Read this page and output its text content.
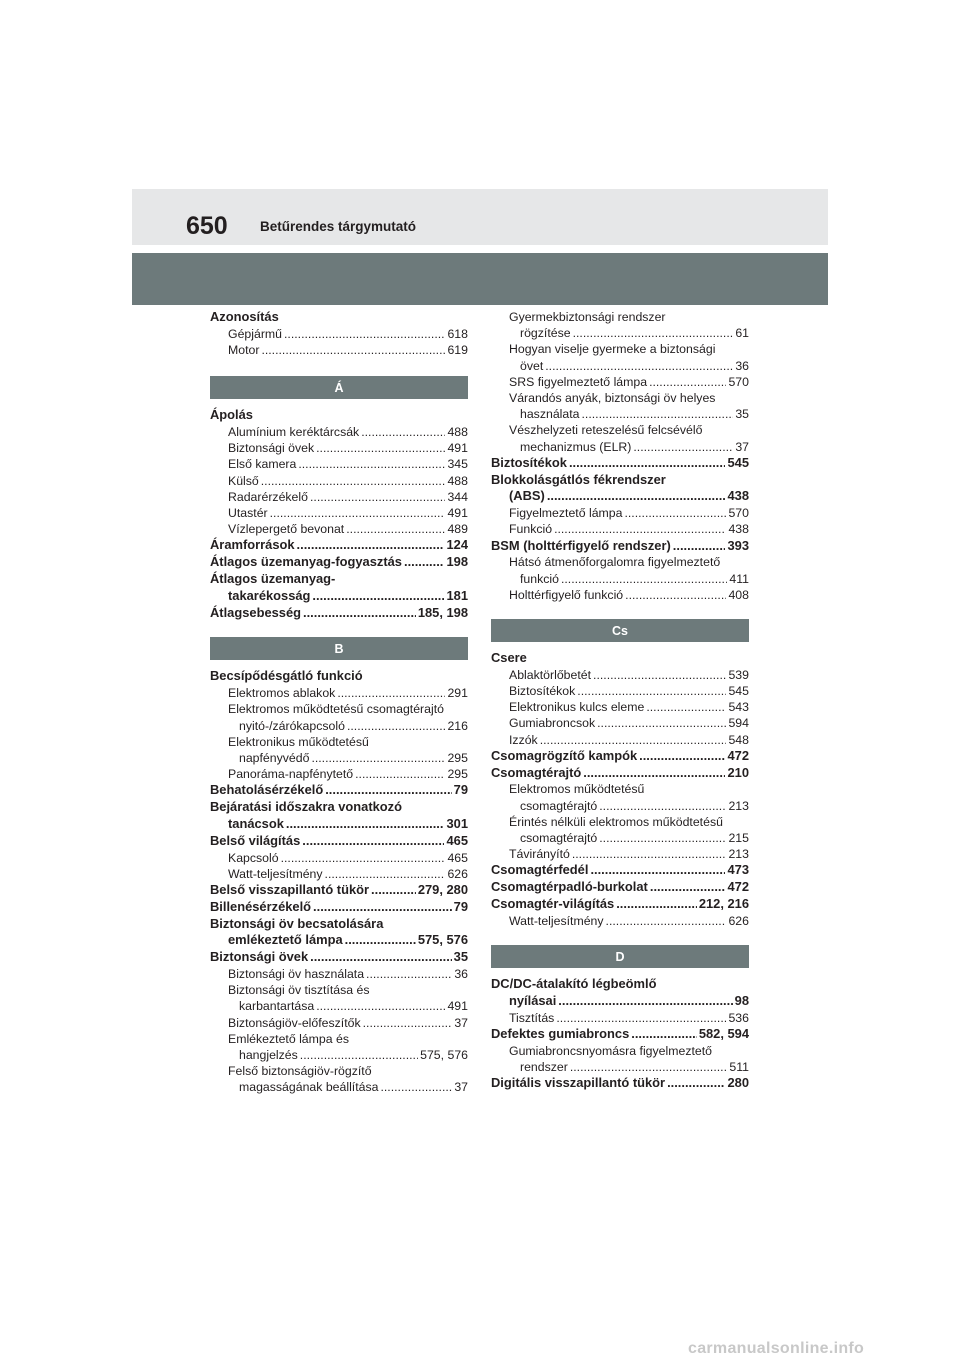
650 Betűrendes tárgymutató
Azonosítás
Gépjármű .....	618
Motor .....	619
Á
Ápolás
Alumínium keréktárcsák .....	488
Biztonsági övek .....	491
Első kamera .....	345
Külső .....	488
Radarérzékelő .....	344
Utastér .....	491
Vízlepergető bevonat .....	489
Áramforrások .....	124
Átlagos üzemanyag-fogyasztás .....	198
Átlagos üzemanyag-
takarékosság .....	181
Átlagsebesség .....	185, 198
B
Becsípődésgátló funkció
Elektromos ablakok .....	291
Elektromos működtetésű csomagtérajtó
nyitó-/zárókapcsoló .....	216
Elektronikus működtetésű
napfényvédő .....	295
Panoráma-napfénytető .....	295
Behatolásérzékelő .....	79
Bejáratási időszakra vonatkozó
tanácsok .....	301
Belső világítás .....	465
Kapcsoló .....	465
Watt-teljesítmény .....	626
Belső visszapillantó tükör .....	279, 280
Billenésérzékelő .....	79
Biztonsági öv becsatolására
emlékeztető lámpa .....	575, 576
Biztonsági övek .....	35
Biztonsági öv használata .....	36
Biztonsági öv tisztítása és
karbantartása .....	491
Biztonságiöv-előfeszítők .....	37
Emlékeztető lámpa és
hangjelzés .....	575, 576
Felső biztonságiöv-rögzítő
magasságának beállítása .....	37
Gyermekbiztonsági rendszer
rögzítése .....	61
Hogyan viselje gyermeke a biztonsági
övet .....	36
SRS figyelmeztető lámpa .....	570
Várandós anyák, biztonsági öv helyes
használata .....	35
Vészhelyzeti reteszelésű felcsévélő
mechanizmus (ELR) .....	37
Biztosítékok .....	545
Blokkolásgátlós fékrendszer
(ABS) .....	438
Figyelmeztető lámpa .....	570
Funkció .....	438
BSM (holttérfigyelő rendszer) .....	393
Hátsó átmenőforgalomra figyelmeztető
funkció .....	411
Holttérfigyelő funkció .....	408
Cs
Csere
Ablaktörlőbetét .....	539
Biztosítékok .....	545
Elektronikus kulcs eleme .....	543
Gumiabroncsok .....	594
Izzók .....	548
Csomagrögzítő kampók .....	472
Csomagtérajtó .....	210
Elektromos működtetésű
csomagtérajtó .....	213
Érintés nélküli elektromos működtetésű
csomagtérajtó .....	215
Távirányító .....	213
Csomagtérfedél .....	473
Csomagtérpadló-burkolat .....	472
Csomagtér-világítás .....	212, 216
Watt-teljesítmény .....	626
D
DC/DC-átalakító légbeömlő
nyílásai .....	98
Tisztítás .....	536
Defektes gumiabroncs .....	582, 594
Gumiabroncsnyomásra figyelmeztető
rendszer .....	511
Digitális visszapillantó tükör .....	280
carmanualsonline.info
